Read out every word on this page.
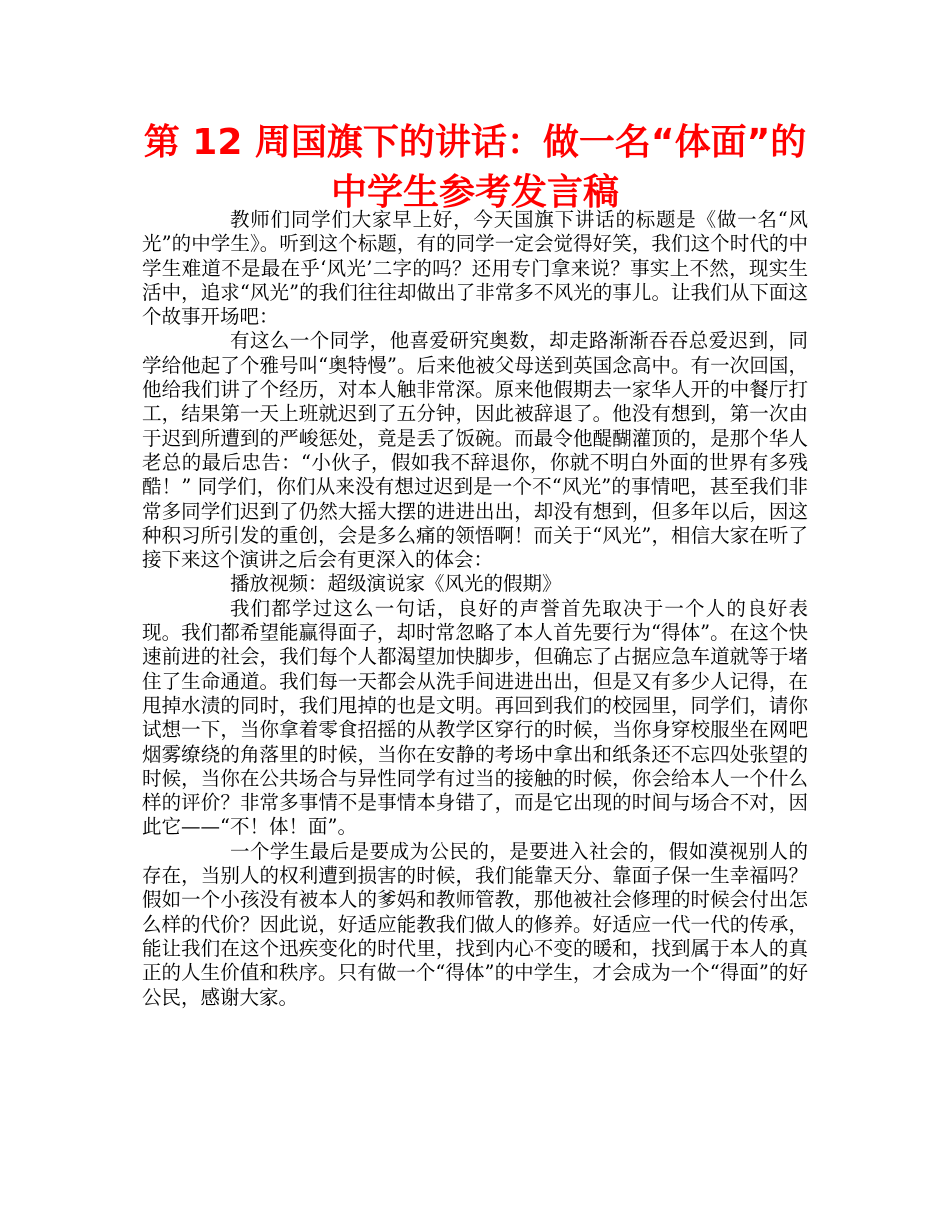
第 12 周国旗下的讲话：做一名“体面”的
中学生参考发言稿

教师们同学们大家早上好，今天国旗下讲话的标题是《做一名“风光”的中学生》。听到这个标题，有的同学一定会觉得好笑，我们这个时代的中学生难道不是最在乎‘风光’二字的吗？还用专门拿来说？事实上不然，现实生活中，追求“风光”的我们往往却做出了非常多不风光的事儿。让我们从下面这个故事开场吧：

有这么一个同学，他喜爱研究奥数，却走路渐渐吞吞总爱迟到，同学给他起了个雅号叫“奥特慢”。后来他被父母送到英国念高中。有一次回国，他给我们讲了个经历，对本人触非常深。原来他假期去一家华人开的中餐厅打工，结果第一天上班就迟到了五分钟，因此被辞退了。他没有想到，第一次由于迟到所遭到的严峻惩处，竟是丢了饭碗。而最令他醍醐灌顶的，是那个华人老总的最后忠告：“小伙子，假如我不辞退你，你就不明白外面的世界有多残酷！” 同学们，你们从来没有想过迟到是一个不“风光”的事情吧，甚至我们非常多同学们迟到了仍然大摇大摆的进进出出，却没有想到，但多年以后，因这种积习所引发的重创，会是多么痛的领悟啊！而关于“风光”，相信大家在听了接下来这个演讲之后会有更深入的体会：

播放视频：超级演说家《风光的假期》

我们都学过这么一句话，良好的声誉首先取决于一个人的良好表现。我们都希望能赢得面子，却时常忽略了本人首先要行为“得体”。在这个快速前进的社会，我们每个人都渴望加快脚步，但确忘了占据应急车道就等于堵住了生命通道。我们每一天都会从洗手间进进出出，但是又有多少人记得，在甩掉水渍的同时，我们甩掉的也是文明。再回到我们的校园里，同学们，请你试想一下，当你拿着零食招摇的从教学区穿行的时候，当你身穿校服坐在网吧烟雾缭绕的角落里的时候，当你在安静的考场中拿出和纸条还不忘四处张望的时候，当你在公共场合与异性同学有过当的接触的时候，你会给本人一个什么样的评价？非常多事情不是事情本身错了，而是它出现的时间与场合不对，因此它——“不！体！面”。

一个学生最后是要成为公民的，是要进入社会的，假如漠视别人的存在，当别人的权利遭到损害的时候，我们能靠天分、靠面子保一生幸福吗？假如一个小孩没有被本人的爹妈和教师管教，那他被社会修理的时候会付出怎么样的代价？因此说，好适应能教我们做人的修养。好适应一代一代的传承，能让我们在这个迅疾变化的时代里，找到内心不变的暖和，找到属于本人的真正的人生价值和秩序。只有做一个“得体”的中学生，才会成为一个“得面”的好公民，感谢大家。
